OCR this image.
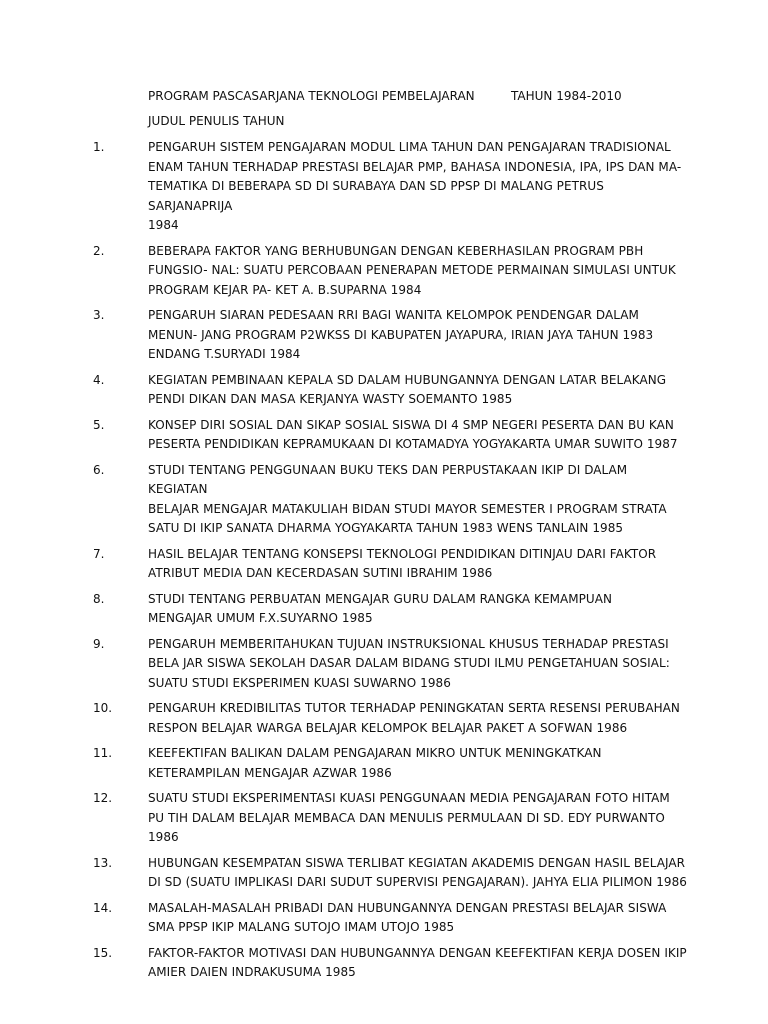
PROGRAM PASCASARJANA TEKNOLOGI PEMBELAJARAN	TAHUN 1984-2010
JUDUL PENULIS TAHUN
1.	PENGARUH SISTEM PENGAJARAN MODUL LIMA TAHUN DAN PENGAJARAN TRADISIONAL
ENAM TAHUN TERHADAP PRESTASI BELAJAR PMP, BAHASA INDONESIA, IPA, IPS DAN MA-
TEMATIKA DI BEBERAPA SD DI SURABAYA DAN SD PPSP DI MALANG PETRUS SARJANAPRIJA
1984
2.	BEBERAPA FAKTOR YANG BERHUBUNGAN DENGAN KEBERHASILAN PROGRAM PBH
FUNGSIO- NAL: SUATU PERCOBAAN PENERAPAN METODE PERMAINAN SIMULASI UNTUK
PROGRAM KEJAR PA- KET A. B.SUPARNA 1984
3.	PENGARUH SIARAN PEDESAAN RRI BAGI WANITA KELOMPOK PENDENGAR DALAM
MENUN- JANG PROGRAM P2WKSS DI KABUPATEN JAYAPURA, IRIAN JAYA TAHUN 1983
ENDANG T.SURYADI 1984
4.	KEGIATAN PEMBINAAN KEPALA SD DALAM HUBUNGANNYA DENGAN LATAR BELAKANG
PENDI DIKAN DAN MASA KERJANYA WASTY SOEMANTO 1985
5.	KONSEP DIRI SOSIAL DAN SIKAP SOSIAL SISWA DI 4 SMP NEGERI PESERTA DAN BU KAN
PESERTA PENDIDIKAN KEPRAMUKAAN DI KOTAMADYA YOGYAKARTA UMAR SUWITO 1987
6.	STUDI TENTANG PENGGUNAAN BUKU TEKS DAN PERPUSTAKAAN IKIP DI DALAM KEGIATAN
BELAJAR MENGAJAR MATAKULIAH BIDAN STUDI MAYOR SEMESTER I PROGRAM STRATA
SATU DI IKIP SANATA DHARMA YOGYAKARTA TAHUN 1983 WENS TANLAIN 1985
7.	HASIL BELAJAR TENTANG KONSEPSI TEKNOLOGI PENDIDIKAN DITINJAU DARI FAKTOR
ATRIBUT MEDIA DAN KECERDASAN SUTINI IBRAHIM 1986
8.	STUDI TENTANG PERBUATAN MENGAJAR GURU DALAM RANGKA KEMAMPUAN
MENGAJAR UMUM F.X.SUYARNO 1985
9.	PENGARUH MEMBERITAHUKAN TUJUAN INSTRUKSIONAL KHUSUS TERHADAP PRESTASI
BELA JAR SISWA SEKOLAH DASAR DALAM BIDANG STUDI ILMU PENGETAHUAN SOSIAL:
SUATU STUDI EKSPERIMEN KUASI SUWARNO 1986
10.	PENGARUH KREDIBILITAS TUTOR TERHADAP PENINGKATAN SERTA RESENSI PERUBAHAN
RESPON BELAJAR WARGA BELAJAR KELOMPOK BELAJAR PAKET A SOFWAN 1986
11.	KEEFEKTIFAN BALIKAN DALAM PENGAJARAN MIKRO UNTUK MENINGKATKAN
KETERAMPILAN MENGAJAR AZWAR 1986
12.	SUATU STUDI EKSPERIMENTASI KUASI PENGGUNAAN MEDIA PENGAJARAN FOTO HITAM
PU TIH DALAM BELAJAR MEMBACA DAN MENULIS PERMULAAN DI SD. EDY PURWANTO
1986
13.	HUBUNGAN KESEMPATAN SISWA TERLIBAT KEGIATAN AKADEMIS DENGAN HASIL BELAJAR
DI SD (SUATU IMPLIKASI DARI SUDUT SUPERVISI PENGAJARAN). JAHYA ELIA PILIMON 1986
14.	MASALAH-MASALAH PRIBADI DAN HUBUNGANNYA DENGAN PRESTASI BELAJAR SISWA
SMA PPSP IKIP MALANG SUTOJO IMAM UTOJO 1985
15.	FAKTOR-FAKTOR MOTIVASI DAN HUBUNGANNYA DENGAN KEEFEKTIFAN KERJA DOSEN IKIP
AMIER DAIEN INDRAKUSUMA 1985
